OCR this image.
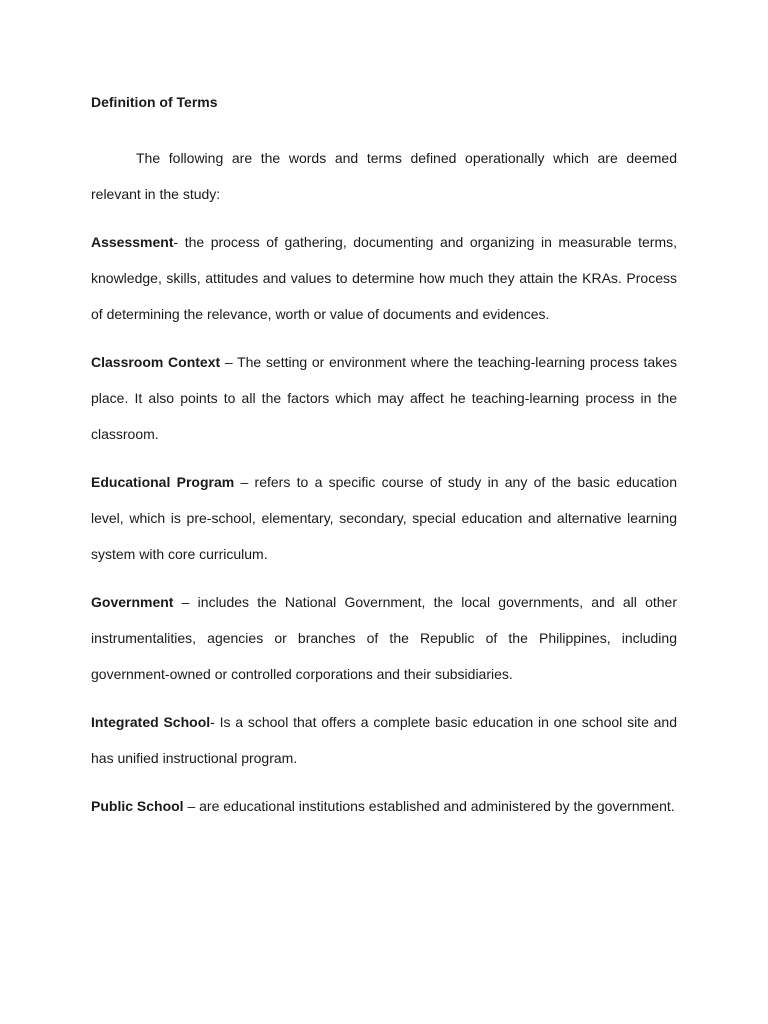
Definition of Terms

The following are the words and terms defined operationally which are deemed relevant in the study:

Assessment- the process of gathering, documenting and organizing in measurable terms, knowledge, skills, attitudes and values to determine how much they attain the KRAs. Process of determining the relevance, worth or value of documents and evidences.

Classroom Context – The setting or environment where the teaching-learning process takes place. It also points to all the factors which may affect he teaching-learning process in the classroom.

Educational Program – refers to a specific course of study in any of the basic education level, which is pre-school, elementary, secondary, special education and alternative learning system with core curriculum.

Government – includes the National Government, the local governments, and all other instrumentalities, agencies or branches of the Republic of the Philippines, including government-owned or controlled corporations and their subsidiaries.

Integrated School- Is a school that offers a complete basic education in one school site and has unified instructional program.

Public School – are educational institutions established and administered by the government.
